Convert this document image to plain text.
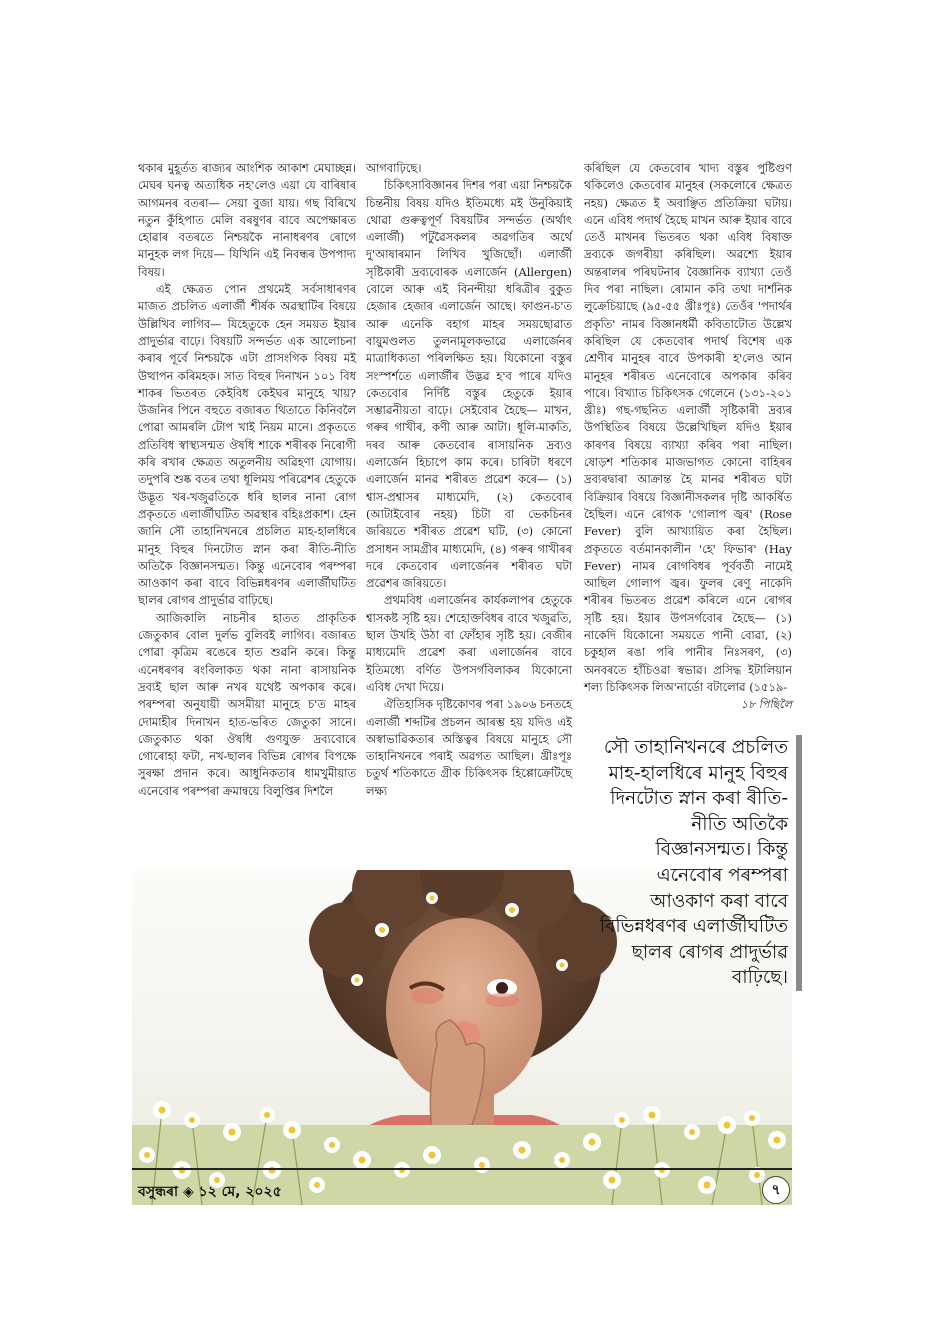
থকাৰ মুহূৰ্তত ৰাজ্যৰ আংশিক আকাশ মেঘাচ্ছন্ন। মেঘৰ ঘনত্ব অত্যধিক নহ'লেও এয়া যে বাৰিষাৰ আগমনৰ বতৰা— সেয়া বুজা যায়। গছ বিৰিখে নতুন কুঁহিপাত মেলি বৰষুণৰ বাবে অপেক্ষাৰত হোৱাৰ বতৰতে নিশ্চয়কৈ নানাধৰণৰ ৰোগে মানুহক লগ দিয়ে— যিখিনি এই নিবন্ধৰ উপপাদ্য বিষয়।

এই ক্ষেত্ৰত পোন প্ৰথমেই সৰ্বসাধাৰণৰ মাজত প্ৰচলিত এলাৰ্জী শীৰ্ষক অৱস্থাটিৰ বিষয়ে উল্লিখিব লাগিব— যিহেতুকে হেন সময়ত ইয়াৰ প্ৰাদুৰ্ভাৱ বাঢ়ে। বিষয়টি সন্দৰ্ভত এক আলোচনা কৰাৰ পূৰ্বে নিশ্চয়কৈ এটা প্ৰাসংগিক বিষয় মই উত্থাপন কৰিমহক। সাত বিহুৰ দিনাখন ১০১ বিধ শাকৰ ভিতৰত কেইবিধ কেইঘৰ মানুহে খায়? উজনিৰ পিনে বহুতে বজাৰত থিতাতে কিনিবলৈ পোৱা আমৰলি টোপ খাই নিয়ম মানে। প্ৰকৃততে প্ৰতিবিধ স্বাস্থ্যসন্মত ঔষধি শাকে শৰীৰক নিৰোগী কৰি ৰখাৰ ক্ষেত্ৰত অতুলনীয় অৱিহণা যোগায়। তদুপৰি শুষ্ক বতৰ তথা ধূলিময় পৰিৱেশৰ হেতুকে উদ্ভূত খৰ-খজুৱতিকে ধৰি ছালৰ নানা ৰোগ প্ৰকৃততে এলাৰ্জীঘটিত অৱস্থাৰ বহিঃপ্ৰকাশ। হেন জানি সৌ তাহানিখনৰে প্ৰচলিত মাহ-হালধিৰে মানুহ বিহুৰ দিনটোত স্নান কৰা ৰীতি-নীতি অতিকৈ বিজ্ঞানসন্মত। কিন্তু এনেবোৰ পৰম্পৰা আওকাণ কৰা বাবে বিভিন্নধৰণৰ এলাৰ্জীঘটিত ছালৰ ৰোগৰ প্ৰাদুৰ্ভাৱ বাঢ়িছে।

আজিকালি নাচনীৰ হাতত প্ৰাকৃতিক জেতুকাৰ বোল দুৰ্লভ বুলিবই লাগিব। বজাৰত পোৱা কৃত্ৰিম ৰঙেৰে হাত শুৱনি কৰে। কিন্তু এনেধৰণৰ ৰংবিলাকত থকা নানা ৰাসায়নিক দ্ৰব্যই ছাল আৰু নখৰ যথেষ্ট অপকাৰ কৰে। পৰম্পৰা অনুযায়ী অসমীয়া মানুহে চ'ত মাহৰ দোমাহীৰ দিনাখন হাত-ভৰিত জেতুকা সানে। জেতুকাত থকা ঔষধি গুণযুক্ত দ্ৰব্যবোৰে গোৰোহা ফটা, নখ-ছালৰ বিভিন্ন ৰোগৰ বিপক্ষে সুৰক্ষা প্ৰদান কৰে। আধুনিকতাৰ ধামখুমীয়াত এনেবোৰ পৰম্পৰা ক্ৰমান্বয়ে বিলুপ্তিৰ দিশলৈ

আগবাঢ়িছে।

চিকিৎসাবিজ্ঞানৰ দিশৰ পৰা এয়া নিশ্চয়কৈ চিন্তনীয় বিষয় যদিও ইতিমধ্যে মই উনুকিয়াই থোৱা গুৰুত্বপূৰ্ণ বিষয়টিৰ সন্দৰ্ভত (অৰ্থাৎ এলাৰ্জী) পটুৱৈসকলৰ অৱগতিৰ অৰ্থে দু'আষাৰমান লিখিব খুজিছোঁ। এলাৰ্জী সৃষ্টিকাৰী দ্ৰব্যবোৰক এলাৰ্জেন (Allergen) বোলে আৰু এই বিনন্দীয়া ধৰিত্ৰীৰ বুকুত হেজাৰ হেজাৰ এলাৰ্জেন আছে। ফাগুন-চ'ত আৰু এনেকি বহাগ মাহৰ সময়ছোৱাত বায়ুমণ্ডলত তুলনামূলকভাৱে এলাৰ্জেনৰ মাত্ৰাধিক্যতা পৰিলক্ষিত হয়। যিকোনো বস্তুৰ সংস্পৰ্শতে এলাৰ্জীৰ উদ্ভৱ হ'ব পাৰে যদিও কেতবোৰ নিৰ্দিষ্ট বস্তুৰ হেতুকে ইয়াৰ সম্ভাৱনীয়তা বাঢ়ে। সেইবোৰ হৈছে— মাখন, গৰুৰ গাখীৰ, কণী আৰু আটা। ধূলি-মাকতি, দৰব আৰু কেতবোৰ ৰাসায়নিক দ্ৰব্যও এলাৰ্জেন হিচাপে কাম কৰে। চাৰিটা ধৰণে এলাৰ্জেন মানৱ শৰীৰত প্ৰৱেশ কৰে— (১) শ্বাস-প্ৰশ্বাসৰ মাধ্যমেদি, (২) কেতবোৰ (আটাইবোৰ নহয়) চিটা বা ভেকচিনৰ জৰিয়তে শৰীৰত প্ৰৱেশ ঘটি, (৩) কোনো প্ৰসাধন সামগ্ৰীৰ মাধ্যমেদি, (৪) গৰুৰ গাখীৰৰ দৰে কেতবোৰ এলাৰ্জেনৰ শৰীৰত ঘটা প্ৰৱেশৰ জৰিয়তে।

প্ৰথমবিধ এলাৰ্জেনৰ কাৰ্যকলাপৰ হেতুকে শ্বাসকষ্ট সৃষ্টি হয়। শেহোক্তবিধৰ বাবে খজুৱতি, ছাল উখহি উঠা বা ফোঁহাৰ সৃষ্টি হয়। বেজীৰ মাধ্যমেদি প্ৰৱেশ কৰা এলাৰ্জেনৰ বাবে ইতিমধ্যে বৰ্ণিত উপসৰ্গবিলাকৰ যিকোনো এবিধ দেখা দিয়ে।

ঐতিহাসিক দৃষ্টিকোণৰ পৰা ১৯০৬ চনতহে এলাৰ্জী শব্দটিৰ প্ৰচলন আৰম্ভ হয় যদিও এই অস্বাভাৱিকতাৰ অস্তিত্বৰ বিষয়ে মানুহে সৌ তাহানিখনৰে পৰাই অৱগত আছিল। খ্ৰীঃপূঃ চতুৰ্থ শতিকাতে গ্ৰীক চিকিৎসক হিপ্পোক্ৰেটিছে লক্ষ্য

কৰিছিল যে কেতবোৰ খাদ্য বস্তুৰ পুষ্টিগুণ থকিলেও কেতবোৰ মানুহৰ (সকলোৰে ক্ষেত্ৰত নহয়) ক্ষেত্ৰত ই অবাঞ্ছিত প্ৰতিক্ৰিয়া ঘটায়। এনে এবিধ পদাৰ্থ হৈছে মাখন আৰু ইয়াৰ বাবে তেওঁ মাখনৰ ভিতৰত থকা এবিধ বিষাক্ত দ্ৰব্যকে জগৰীয়া কৰিছিল। অৱশ্যে ইয়াৰ অন্তৰালৰ পৰিঘটনাৰ বৈজ্ঞানিক ব্যাখ্যা তেওঁ দিব পৰা নাছিল। ৰোমান কবি তথা দাৰ্শনিক লুক্ৰেচিয়াছে (৯৫-৫৫ খ্ৰীঃপূঃ) তেওঁৰ 'পদাৰ্থৰ প্ৰকৃতি' নামৰ বিজ্ঞানধৰ্মী কবিতাটোত উল্লেখ কৰিছিল যে কেতবোৰ পদাৰ্থ বিশেষ এক শ্ৰেণীৰ মানুহৰ বাবে উপকাৰী হ'লেও আন মানুহৰ শৰীৰত এনেবোৰে অপকাৰ কৰিব পাৰে। বিখ্যাত চিকিৎসক গেলেনে (১৩১-২০১ খ্ৰীঃ) গছ-গছনিত এলাৰ্জী সৃষ্টিকাৰী দ্ৰব্যৰ উপস্থিতিৰ বিষয়ে উল্লেখিছিল যদিও ইয়াৰ কাৰণৰ বিষয়ে ব্যাখ্যা কৰিব পৰা নাছিল। ষোড়শ শতিকাৰ মাজভাগত কোনো বাহিৰৰ দ্ৰব্যৰদ্বাৰা আক্ৰান্ত হৈ মানৱ শৰীৰত ঘটা বিক্ৰিয়াৰ বিষয়ে বিজ্ঞানীসকলৰ দৃষ্টি আকৰ্ষিত হৈছিল। এনে ৰোগক 'গোলাপ জ্বৰ' (Rose Fever) বুলি আখ্যায়িত কৰা হৈছিল। প্ৰকৃততে বৰ্তমানকালীন 'হে' ফিভাৰ' (Hay Fever) নামৰ ৰোগবিধৰ পূৰ্ববৰ্তী নামেই আছিল গোলাপ জ্বৰ। ফুলৰ ৰেণু নাকেদি শৰীৰৰ ভিতৰত প্ৰৱেশ কৰিলে এনে ৰোগৰ সৃষ্টি হয়। ইয়াৰ উপসৰ্গবোৰ হৈছে— (১) নাকেদি যিকোনো সময়তে পানী বোৱা, (২) চকুহাল ৰঙা পৰি পানীৰ নিঃসৰণ, (৩) অনবৰতে হাঁচিওৱা স্বভাৱ। প্ৰসিদ্ধ ইটালিয়ান শল্য চিকিৎসক লিঅ'নাৰ্ডো বটালোৱ (১৫১৯-

১৮ পিছিলৈ
সৌ তাহানিখনৰে প্ৰচলিত মাহ-হালধিৰে মানুহ বিহুৰ দিনটোত স্নান কৰা ৰীতি-নীতি অতিকৈ বিজ্ঞানসন্মত। কিন্তু এনেবোৰ পৰম্পৰা আওকাণ কৰা বাবে বিভিন্নধৰণৰ এলাৰ্জীঘটিত ছালৰ ৰোগৰ প্ৰাদুৰ্ভাৱ বাঢ়িছে।
বসুন্ধৰা ◈ ১২ মে, ২০২৫	৭
